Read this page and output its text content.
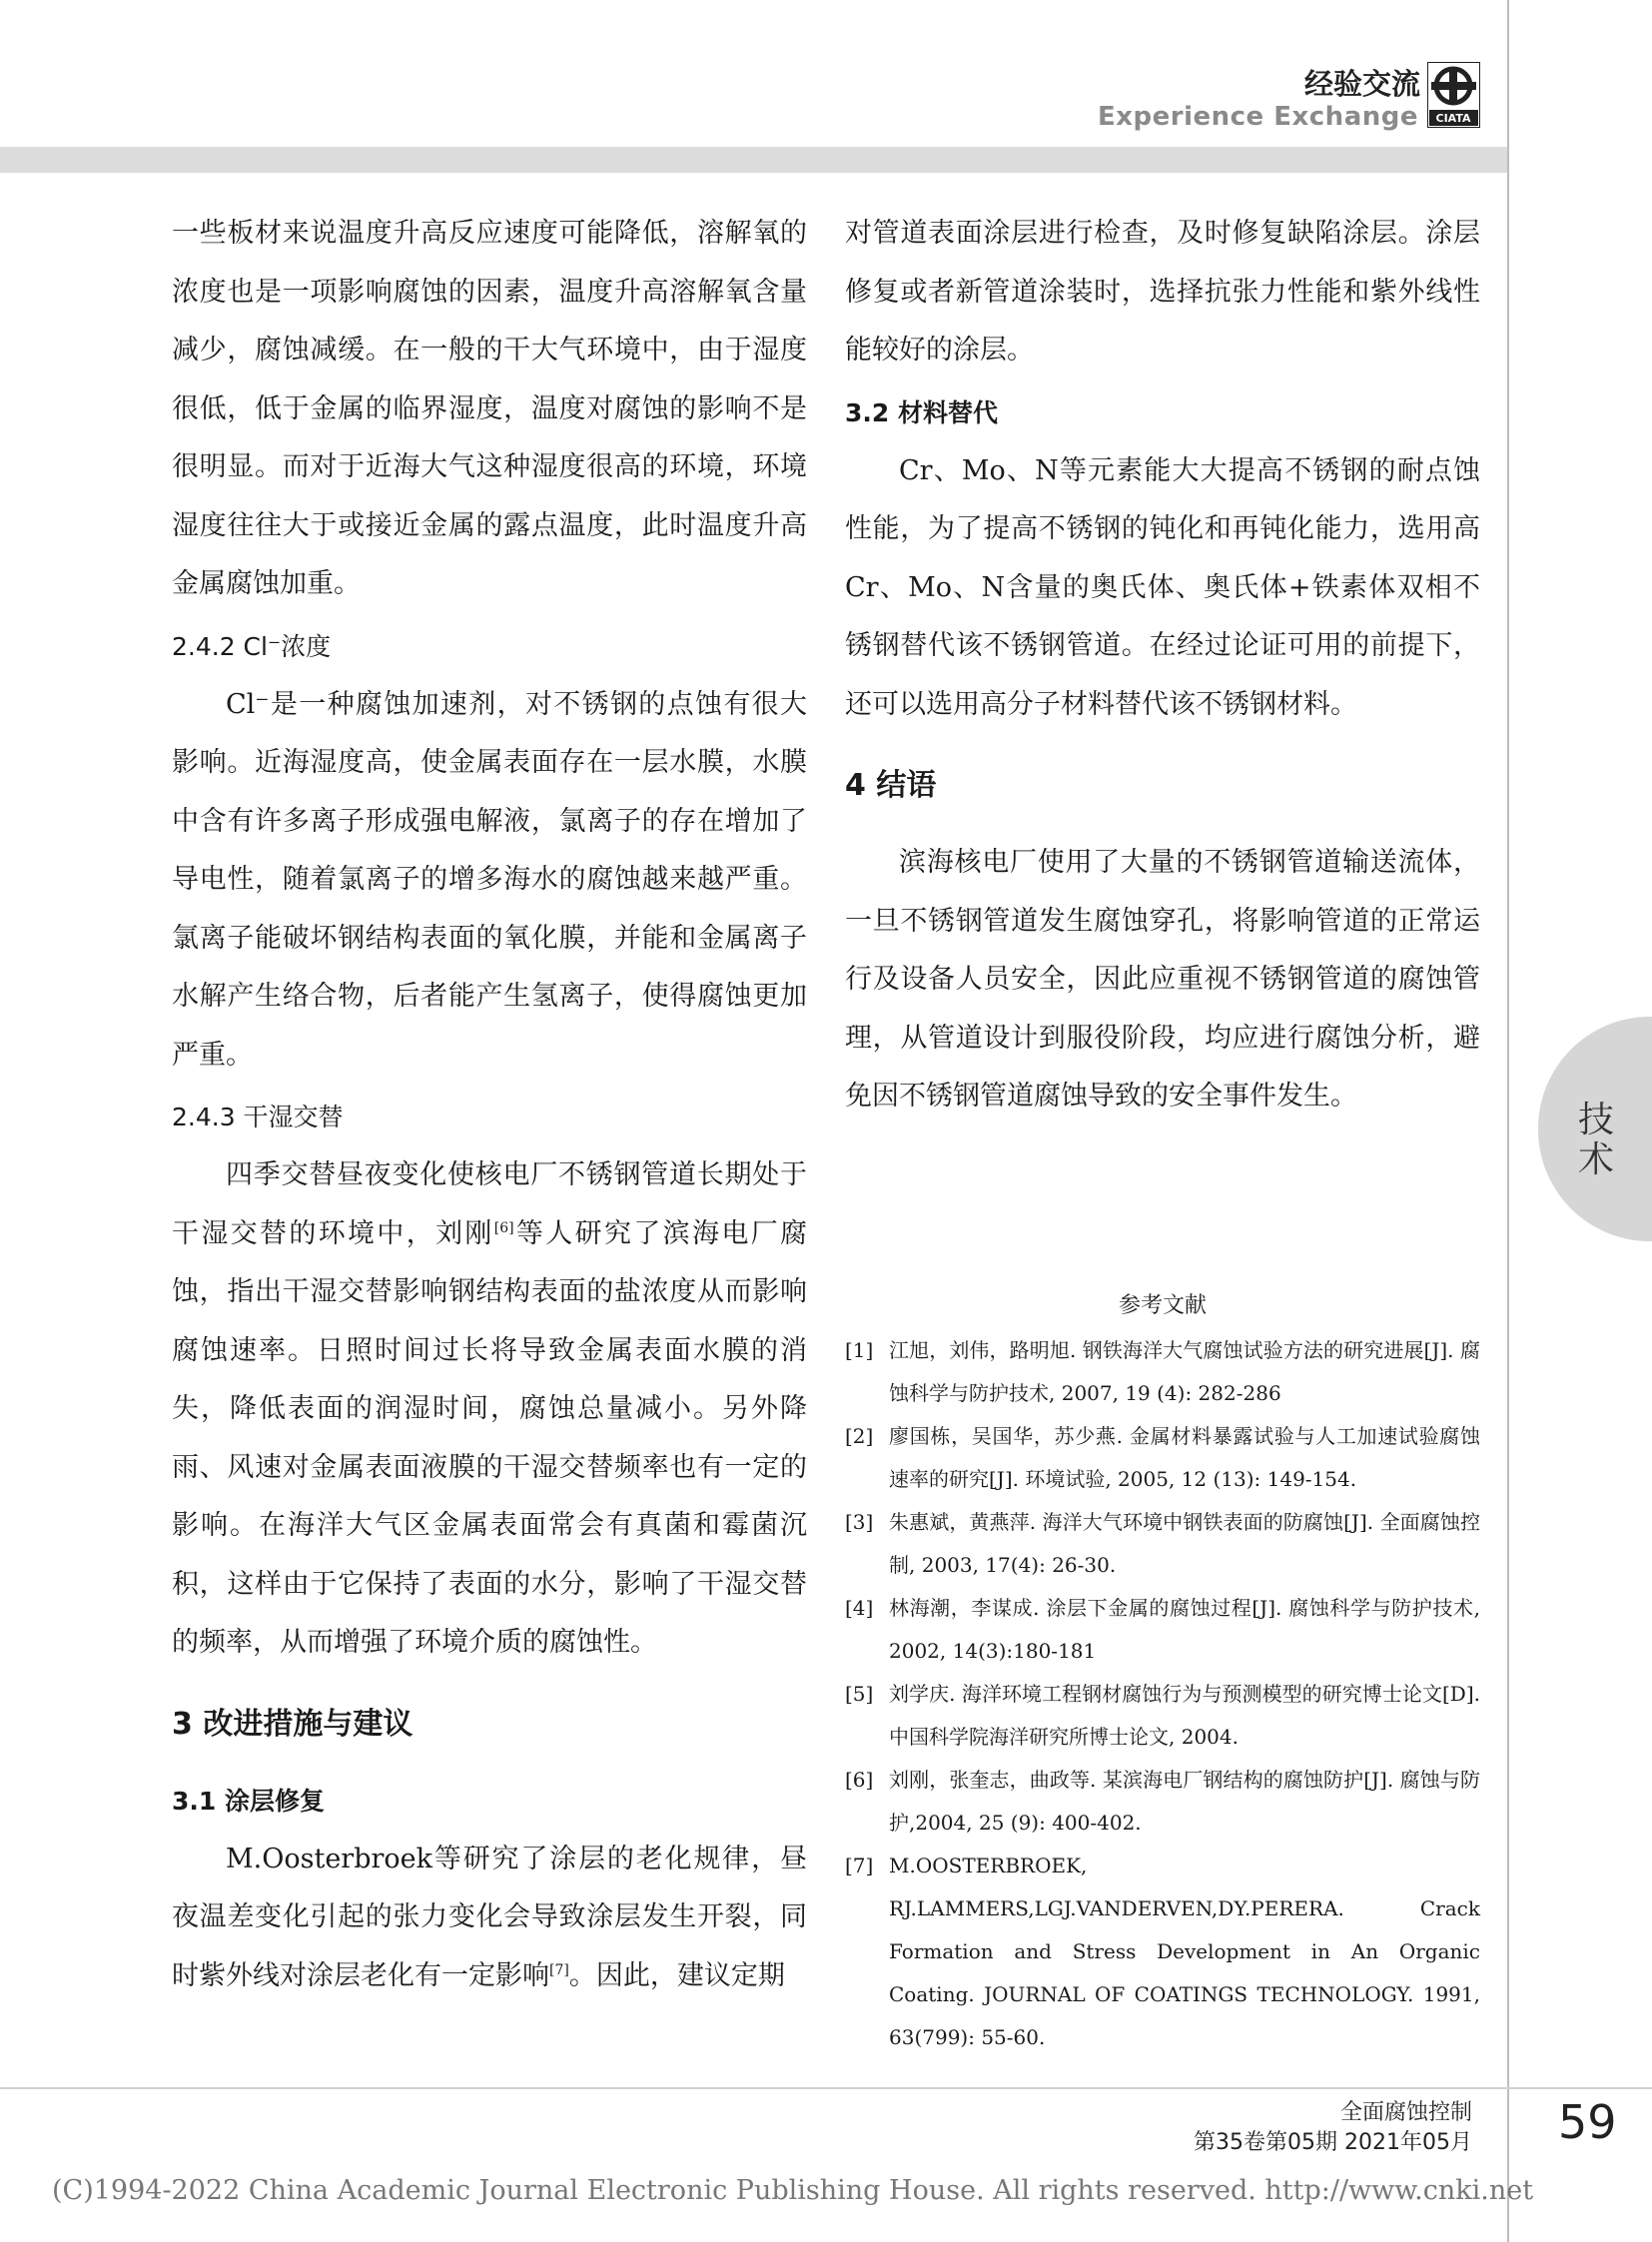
经验交流
Experience Exchange CIATA
技
术

一些板材来说温度升高反应速度可能降低，溶解氧的浓度也是一项影响腐蚀的因素，温度升高溶解氧含量减少，腐蚀减缓。在一般的干大气环境中，由于湿度很低，低于金属的临界湿度，温度对腐蚀的影响不是很明显。而对于近海大气这种湿度很高的环境，环境湿度往往大于或接近金属的露点温度，此时温度升高金属腐蚀加重。

2.4.2 Cl⁻浓度

Cl⁻是一种腐蚀加速剂，对不锈钢的点蚀有很大影响。近海湿度高，使金属表面存在一层水膜，水膜中含有许多离子形成强电解液，氯离子的存在增加了导电性，随着氯离子的增多海水的腐蚀越来越严重。氯离子能破坏钢结构表面的氧化膜，并能和金属离子水解产生络合物，后者能产生氢离子，使得腐蚀更加严重。

2.4.3 干湿交替

四季交替昼夜变化使核电厂不锈钢管道长期处于干湿交替的环境中，刘刚[6]等人研究了滨海电厂腐蚀，指出干湿交替影响钢结构表面的盐浓度从而影响腐蚀速率。日照时间过长将导致金属表面水膜的消失，降低表面的润湿时间，腐蚀总量减小。另外降雨、风速对金属表面液膜的干湿交替频率也有一定的影响。在海洋大气区金属表面常会有真菌和霉菌沉积，这样由于它保持了表面的水分，影响了干湿交替的频率，从而增强了环境介质的腐蚀性。

3 改进措施与建议
3.1 涂层修复

M.Oosterbroek等研究了涂层的老化规律，昼夜温差变化引起的张力变化会导致涂层发生开裂，同时紫外线对涂层老化有一定影响[7]。因此，建议定期

对管道表面涂层进行检查，及时修复缺陷涂层。涂层修复或者新管道涂装时，选择抗张力性能和紫外线性能较好的涂层。

3.2 材料替代

Cr、Mo、N等元素能大大提高不锈钢的耐点蚀性能，为了提高不锈钢的钝化和再钝化能力，选用高Cr、Mo、N含量的奥氏体、奥氏体+铁素体双相不锈钢替代该不锈钢管道。在经过论证可用的前提下，还可以选用高分子材料替代该不锈钢材料。

4 结语

滨海核电厂使用了大量的不锈钢管道输送流体，一旦不锈钢管道发生腐蚀穿孔，将影响管道的正常运行及设备人员安全，因此应重视不锈钢管道的腐蚀管理，从管道设计到服役阶段，均应进行腐蚀分析，避免因不锈钢管道腐蚀导致的安全事件发生。

参考文献

[1] 江旭，刘伟，路明旭. 钢铁海洋大气腐蚀试验方法的研究进展[J]. 腐蚀科学与防护技术, 2007, 19 (4): 282-286

[2] 廖国栋，吴国华，苏少燕. 金属材料暴露试验与人工加速试验腐蚀速率的研究[J]. 环境试验, 2005, 12 (13): 149-154.

[3] 朱惠斌，黄燕萍. 海洋大气环境中钢铁表面的防腐蚀[J]. 全面腐蚀控制, 2003, 17(4): 26-30.

[4] 林海潮，李谋成. 涂层下金属的腐蚀过程[J]. 腐蚀科学与防护技术, 2002, 14(3):180-181

[5] 刘学庆. 海洋环境工程钢材腐蚀行为与预测模型的研究博士论文[D]. 中国科学院海洋研究所博士论文, 2004.

[6] 刘刚，张奎志，曲政等. 某滨海电厂钢结构的腐蚀防护[J]. 腐蚀与防护,2004, 25 (9): 400-402.

[7] M.OOSTERBROEK, RJ.LAMMERS,LGJ.VANDERVEN,DY.PERERA. Crack Formation and Stress Development in An Organic Coating. JOURNAL OF COATINGS TECHNOLOGY. 1991, 63(799): 55-60.

全面腐蚀控制
第35卷第05期 2021年05月 59
(C)1994-2022 China Academic Journal Electronic Publishing House. All rights reserved. http://www.cnki.net
